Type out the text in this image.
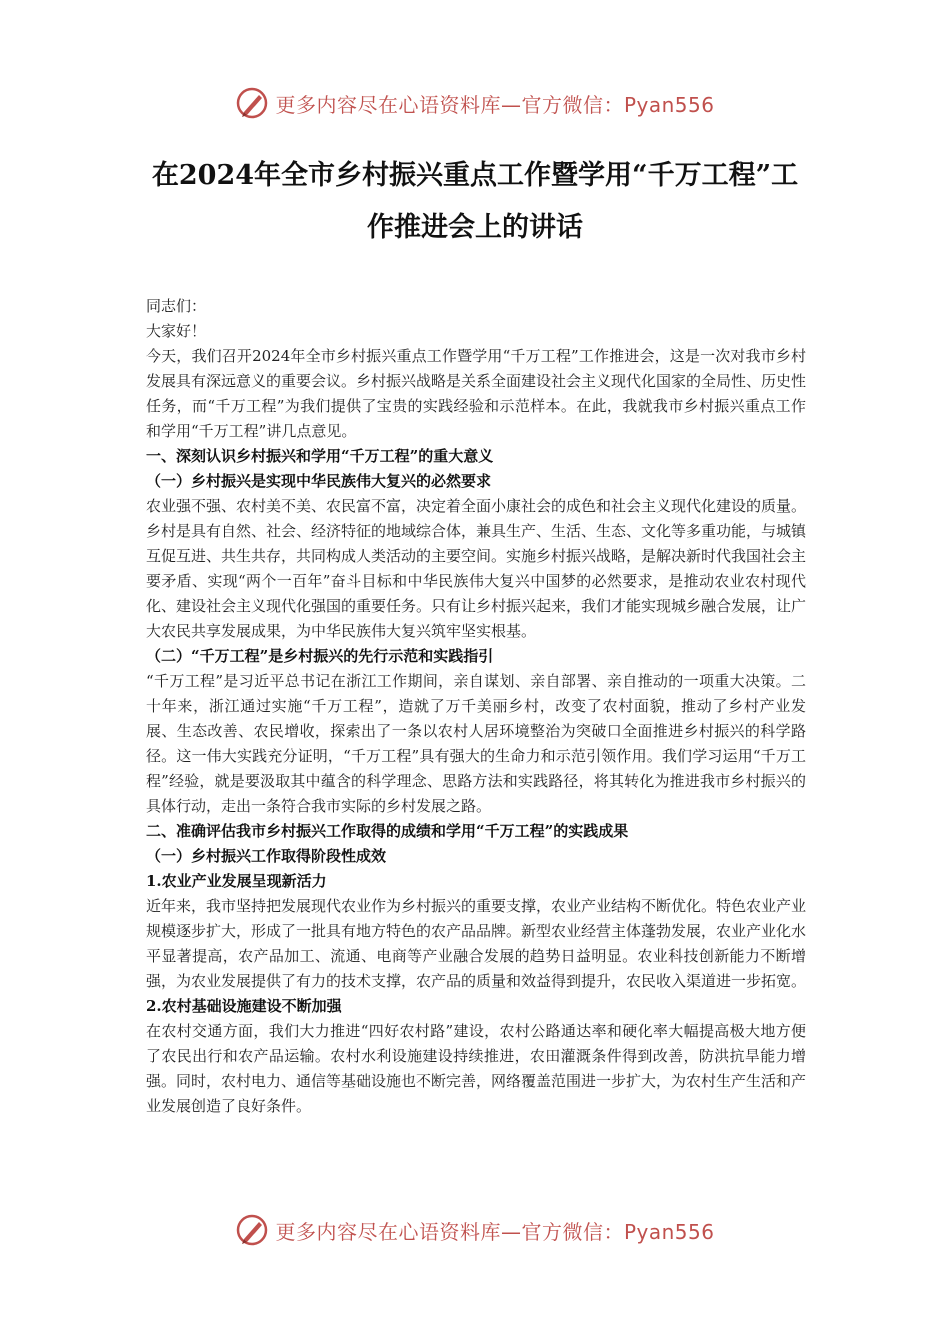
更多内容尽在心语资料库—官方微信：Pyan556
在2024年全市乡村振兴重点工作暨学用“千万工程”工作推进会上的讲话

同志们：

大家好！

今天，我们召开2024年全市乡村振兴重点工作暨学用“千万工程”工作推进会，这是一次对我市乡村发展具有深远意义的重要会议。乡村振兴战略是关系全面建设社会主义现代化国家的全局性、历史性任务，而“千万工程”为我们提供了宝贵的实践经验和示范样本。在此，我就我市乡村振兴重点工作和学用“千万工程”讲几点意见。

一、深刻认识乡村振兴和学用“千万工程”的重大意义

（一）乡村振兴是实现中华民族伟大复兴的必然要求

农业强不强、农村美不美、农民富不富，决定着全面小康社会的成色和社会主义现代化建设的质量。乡村是具有自然、社会、经济特征的地域综合体，兼具生产、生活、生态、文化等多重功能，与城镇互促互进、共生共存，共同构成人类活动的主要空间。实施乡村振兴战略，是解决新时代我国社会主要矛盾、实现“两个一百年”奋斗目标和中华民族伟大复兴中国梦的必然要求，是推动农业农村现代化、建设社会主义现代化强国的重要任务。只有让乡村振兴起来，我们才能实现城乡融合发展，让广大农民共享发展成果，为中华民族伟大复兴筑牢坚实根基。

（二）“千万工程”是乡村振兴的先行示范和实践指引

“千万工程”是习近平总书记在浙江工作期间，亲自谋划、亲自部署、亲自推动的一项重大决策。二十年来，浙江通过实施“千万工程”，造就了万千美丽乡村，改变了农村面貌，推动了乡村产业发展、生态改善、农民增收，探索出了一条以农村人居环境整治为突破口全面推进乡村振兴的科学路径。这一伟大实践充分证明，“千万工程”具有强大的生命力和示范引领作用。我们学习运用“千万工程”经验，就是要汲取其中蕴含的科学理念、思路方法和实践路径，将其转化为推进我市乡村振兴的具体行动，走出一条符合我市实际的乡村发展之路。

二、准确评估我市乡村振兴工作取得的成绩和学用“千万工程”的实践成果

（一）乡村振兴工作取得阶段性成效

1.农业产业发展呈现新活力

近年来，我市坚持把发展现代农业作为乡村振兴的重要支撑，农业产业结构不断优化。特色农业产业规模逐步扩大，形成了一批具有地方特色的农产品品牌。新型农业经营主体蓬勃发展，农业产业化水平显著提高，农产品加工、流通、电商等产业融合发展的趋势日益明显。农业科技创新能力不断增强，为农业发展提供了有力的技术支撑，农产品的质量和效益得到提升，农民收入渠道进一步拓宽。

2.农村基础设施建设不断加强

在农村交通方面，我们大力推进“四好农村路”建设，农村公路通达率和硬化率大幅提高极大地方便了农民出行和农产品运输。农村水利设施建设持续推进，农田灌溉条件得到改善，防洪抗旱能力增强。同时，农村电力、通信等基础设施也不断完善，网络覆盖范围进一步扩大，为农村生产生活和产业发展创造了良好条件。

更多内容尽在心语资料库—官方微信：Pyan556
